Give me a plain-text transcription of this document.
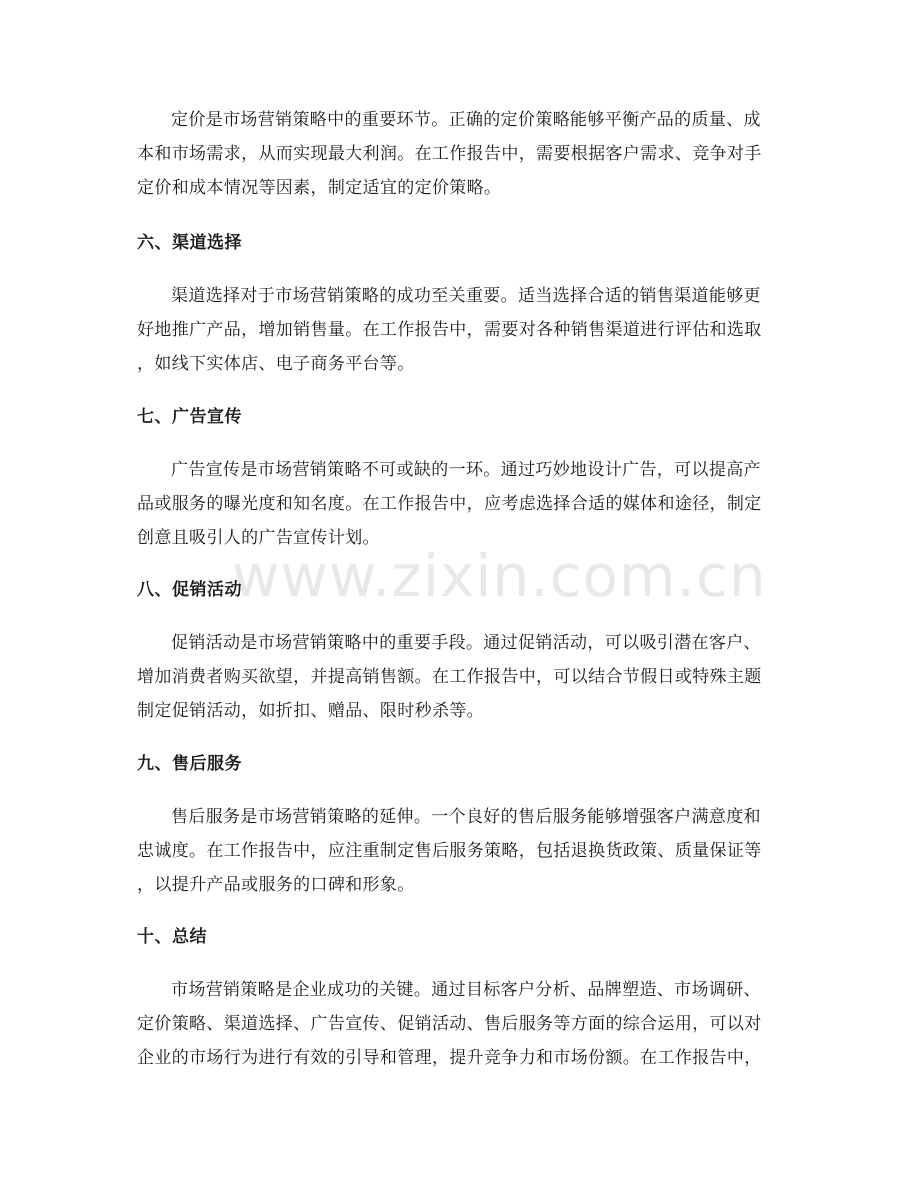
定价是市场营销策略中的重要环节。正确的定价策略能够平衡产品的质量、成
本和市场需求，从而实现最大利润。在工作报告中，需要根据客户需求、竞争对手
定价和成本情况等因素，制定适宜的定价策略。

六、渠道选择

渠道选择对于市场营销策略的成功至关重要。适当选择合适的销售渠道能够更
好地推广产品，增加销售量。在工作报告中，需要对各种销售渠道进行评估和选取
，如线下实体店、电子商务平台等。

七、广告宣传

广告宣传是市场营销策略不可或缺的一环。通过巧妙地设计广告，可以提高产
品或服务的曝光度和知名度。在工作报告中，应考虑选择合适的媒体和途径，制定
创意且吸引人的广告宣传计划。

八、促销活动

促销活动是市场营销策略中的重要手段。通过促销活动，可以吸引潜在客户、
增加消费者购买欲望，并提高销售额。在工作报告中，可以结合节假日或特殊主题
制定促销活动，如折扣、赠品、限时秒杀等。

九、售后服务

售后服务是市场营销策略的延伸。一个良好的售后服务能够增强客户满意度和
忠诚度。在工作报告中，应注重制定售后服务策略，包括退换货政策、质量保证等
，以提升产品或服务的口碑和形象。

十、总结

市场营销策略是企业成功的关键。通过目标客户分析、品牌塑造、市场调研、
定价策略、渠道选择、广告宣传、促销活动、售后服务等方面的综合运用，可以对
企业的市场行为进行有效的引导和管理，提升竞争力和市场份额。在工作报告中，

www.zixin.com.cn
